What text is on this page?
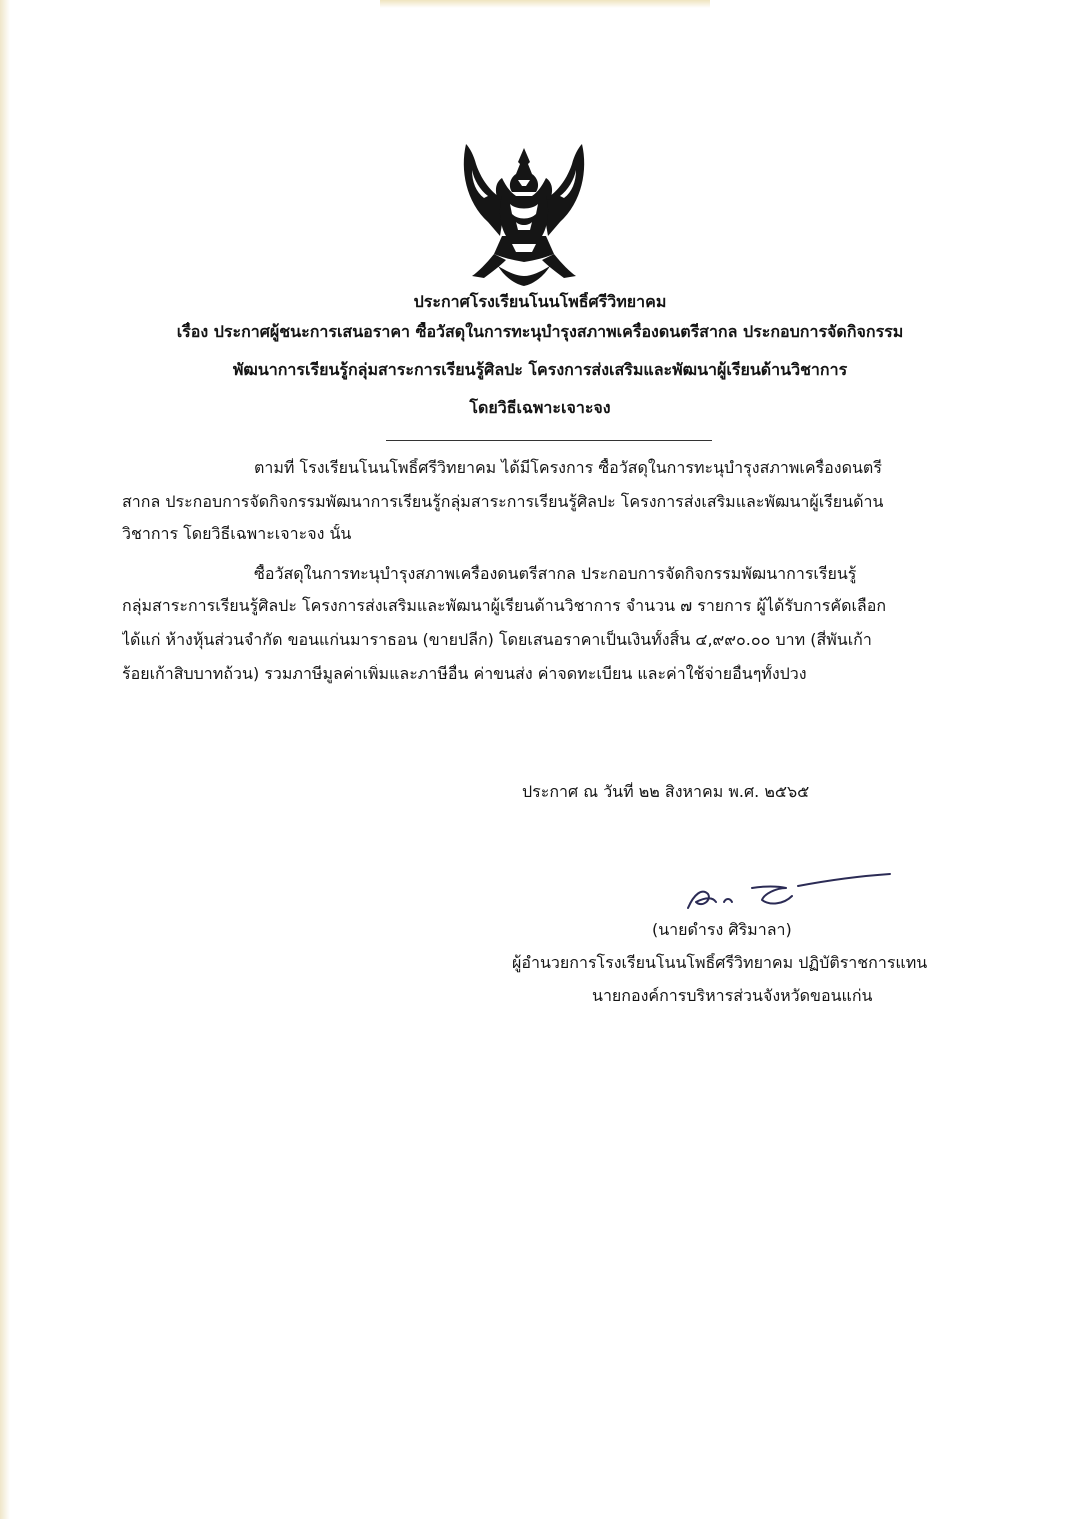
ประกาศโรงเรียนโนนโพธิ์ศรีวิทยาคม
เรื่อง ประกาศผู้ชนะการเสนอราคา ซื้อวัสดุในการทะนุบำรุงสภาพเครื่องดนตรีสากล ประกอบการจัดกิจกรรม
พัฒนาการเรียนรู้กลุ่มสาระการเรียนรู้ศิลปะ โครงการส่งเสริมและพัฒนาผู้เรียนด้านวิชาการ
โดยวิธีเฉพาะเจาะจง
ตามที่ โรงเรียนโนนโพธิ์ศรีวิทยาคม ได้มีโครงการ ซื้อวัสดุในการทะนุบำรุงสภาพเครื่องดนตรี
สากล ประกอบการจัดกิจกรรมพัฒนาการเรียนรู้กลุ่มสาระการเรียนรู้ศิลปะ โครงการส่งเสริมและพัฒนาผู้เรียนด้าน
วิชาการ โดยวิธีเฉพาะเจาะจง นั้น
ซื้อวัสดุในการทะนุบำรุงสภาพเครื่องดนตรีสากล ประกอบการจัดกิจกรรมพัฒนาการเรียนรู้
กลุ่มสาระการเรียนรู้ศิลปะ โครงการส่งเสริมและพัฒนาผู้เรียนด้านวิชาการ จำนวน ๗ รายการ ผู้ได้รับการคัดเลือก
ได้แก่ ห้างหุ้นส่วนจำกัด ขอนแก่นมาราธอน (ขายปลีก) โดยเสนอราคาเป็นเงินทั้งสิ้น ๔,๙๙๐.๐๐ บาท (สี่พันเก้า
ร้อยเก้าสิบบาทถ้วน) รวมภาษีมูลค่าเพิ่มและภาษีอื่น ค่าขนส่ง ค่าจดทะเบียน และค่าใช้จ่ายอื่นๆทั้งปวง
ประกาศ ณ วันที่ ๒๒ สิงหาคม พ.ศ. ๒๕๖๕
(นายดำรง ศิริมาลา)
ผู้อำนวยการโรงเรียนโนนโพธิ์ศรีวิทยาคม ปฏิบัติราชการแทน
นายกองค์การบริหารส่วนจังหวัดขอนแก่น
